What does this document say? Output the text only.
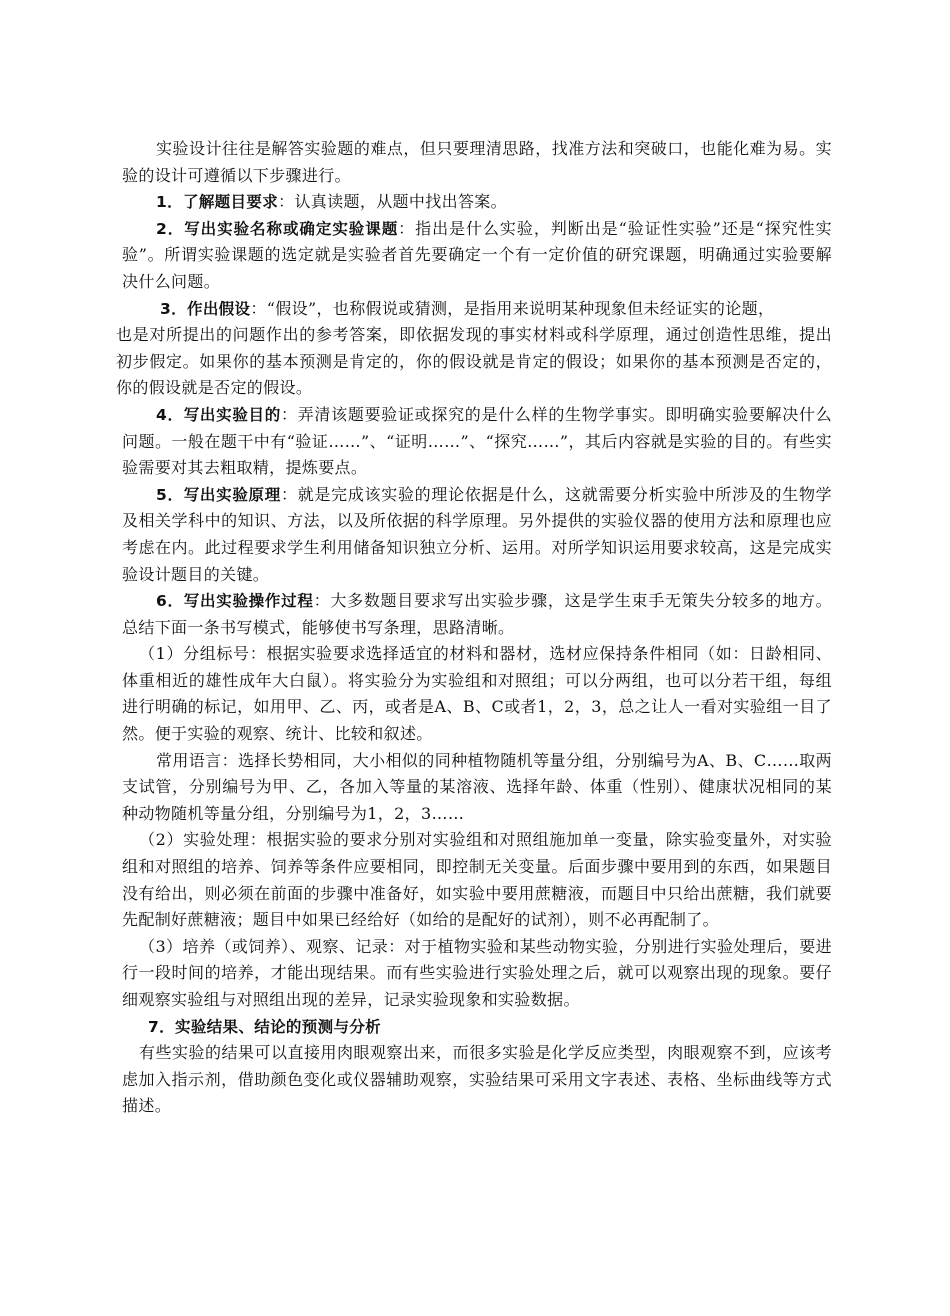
实验设计往往是解答实验题的难点，但只要理清思路，找准方法和突破口，也能化难为易。实验的设计可遵循以下步骤进行。

1．了解题目要求：认真读题，从题中找出答案。

2．写出实验名称或确定实验课题：指出是什么实验，判断出是“验证性实验”还是“探究性实验”。所谓实验课题的选定就是实验者首先要确定一个有一定价值的研究课题，明确通过实验要解决什么问题。

3．作出假设：“假设”，也称假说或猜测，是指用来说明某种现象但未经证实的论题，

也是对所提出的问题作出的参考答案，即依据发现的事实材料或科学原理，通过创造性思维，提出初步假定。如果你的基本预测是肯定的，你的假设就是肯定的假设；如果你的基本预测是否定的，你的假设就是否定的假设。

4．写出实验目的：弄清该题要验证或探究的是什么样的生物学事实。即明确实验要解决什么问题。一般在题干中有“验证……”、“证明……”、“探究……”，其后内容就是实验的目的。有些实验需要对其去粗取精，提炼要点。

5．写出实验原理：就是完成该实验的理论依据是什么，这就需要分析实验中所涉及的生物学及相关学科中的知识、方法，以及所依据的科学原理。另外提供的实验仪器的使用方法和原理也应考虑在内。此过程要求学生利用储备知识独立分析、运用。对所学知识运用要求较高，这是完成实验设计题目的关键。

6．写出实验操作过程：大多数题目要求写出实验步骤，这是学生束手无策失分较多的地方。总结下面一条书写模式，能够使书写条理，思路清晰。

（1）分组标号：根据实验要求选择适宜的材料和器材，选材应保持条件相同（如：日龄相同、体重相近的雄性成年大白鼠）。将实验分为实验组和对照组；可以分两组，也可以分若干组，每组进行明确的标记，如用甲、乙、丙，或者是A、B、C或者1，2，3，总之让人一看对实验组一目了然。便于实验的观察、统计、比较和叙述。

常用语言：选择长势相同，大小相似的同种植物随机等量分组，分别编号为A、B、C……取两支试管，分别编号为甲、乙，各加入等量的某溶液、选择年龄、体重（性别）、健康状况相同的某种动物随机等量分组，分别编号为1，2，3……

（2）实验处理：根据实验的要求分别对实验组和对照组施加单一变量，除实验变量外，对实验组和对照组的培养、饲养等条件应要相同，即控制无关变量。后面步骤中要用到的东西，如果题目没有给出，则必须在前面的步骤中准备好，如实验中要用蔗糖液，而题目中只给出蔗糖，我们就要先配制好蔗糖液；题目中如果已经给好（如给的是配好的试剂），则不必再配制了。

（3）培养（或饲养）、观察、记录：对于植物实验和某些动物实验，分别进行实验处理后，要进行一段时间的培养，才能出现结果。而有些实验进行实验处理之后，就可以观察出现的现象。要仔细观察实验组与对照组出现的差异，记录实验现象和实验数据。

7．实验结果、结论的预测与分析

有些实验的结果可以直接用肉眼观察出来，而很多实验是化学反应类型，肉眼观察不到，应该考虑加入指示剂，借助颜色变化或仪器辅助观察，实验结果可采用文字表述、表格、坐标曲线等方式描述。
